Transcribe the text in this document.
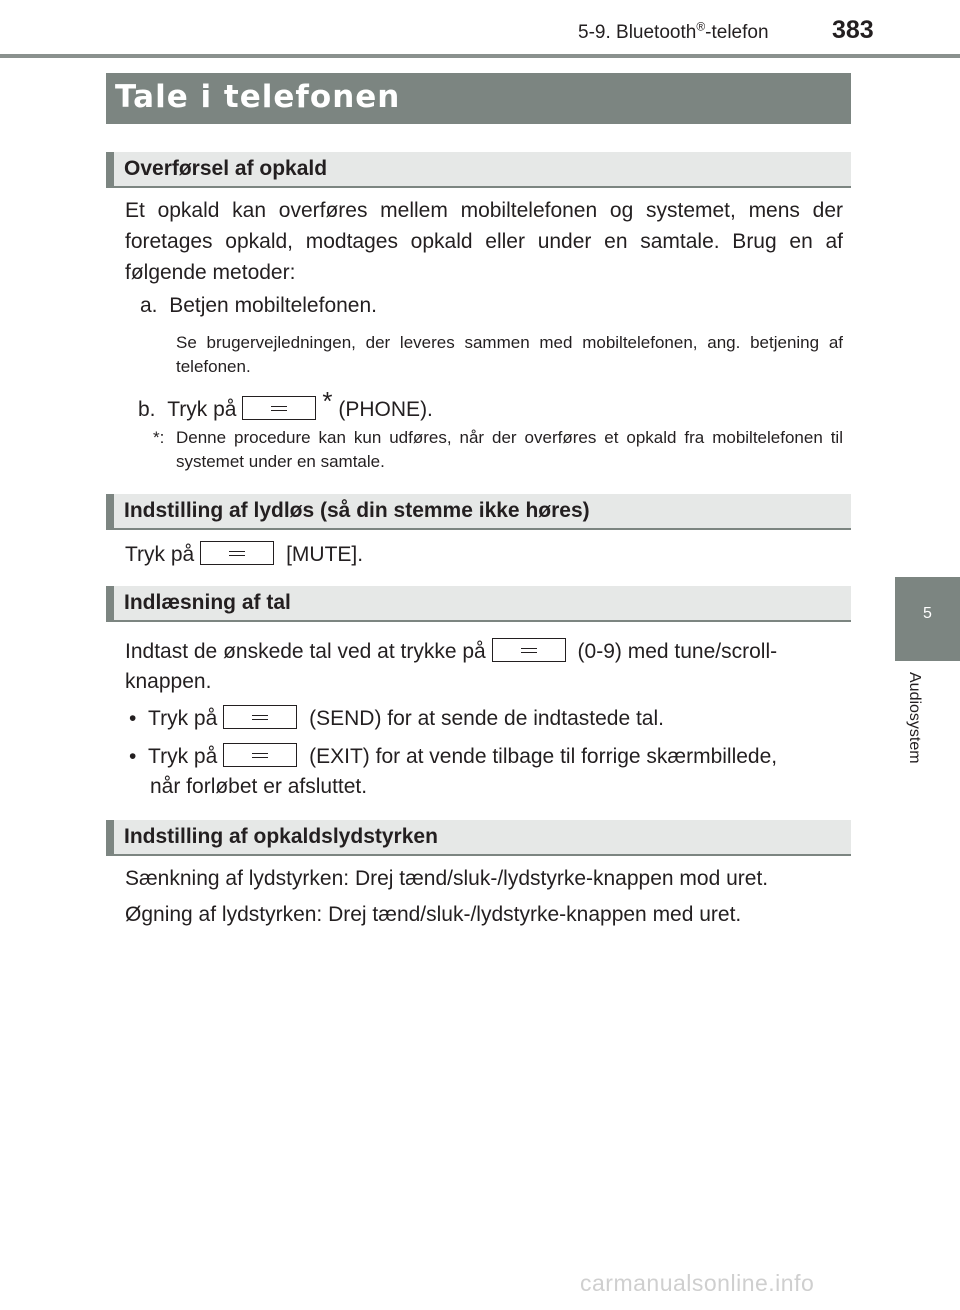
5-9. Bluetooth®-telefon	383
Tale i telefonen
Overførsel af opkald
Et opkald kan overføres mellem mobiltelefonen og systemet, mens der foretages opkald, modtages opkald eller under en samtale. Brug en af følgende metoder:
a. Betjen mobiltelefonen.
Se brugervejledningen, der leveres sammen med mobiltelefonen, ang. betjening af telefonen.
b. Tryk på	* (PHONE).
*: Denne procedure kan kun udføres, når der overføres et opkald fra mobiltelefonen til systemet under en samtale.
Indstilling af lydløs (så din stemme ikke høres)
Tryk på	[MUTE].
Indlæsning af tal
Indtast de ønskede tal ved at trykke på	(0-9) med tune/scroll-
knappen.
• Tryk på	(SEND) for at sende de indtastede tal.
• Tryk på	(EXIT) for at vende tilbage til forrige skærmbillede,
når forløbet er afsluttet.
Indstilling af opkaldslydstyrken
Sænkning af lydstyrken: Drej tænd/sluk-/lydstyrke-knappen mod uret.
Øgning af lydstyrken: Drej tænd/sluk-/lydstyrke-knappen med uret.
5
Audiosystem
carmanualsonline.info
